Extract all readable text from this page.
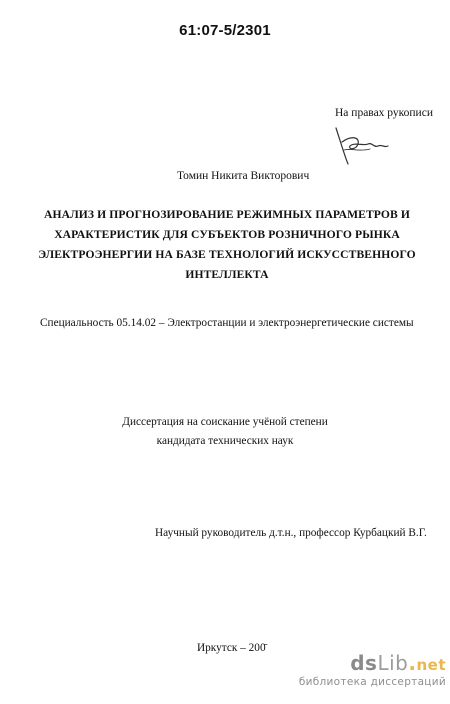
61:07-5/2301
На правах рукописи
Томин Никита Викторович
АНАЛИЗ И ПРОГНОЗИРОВАНИЕ РЕЖИМНЫХ ПАРАМЕТРОВ И
ХАРАКТЕРИСТИК ДЛЯ СУБЪЕКТОВ РОЗНИЧНОГО РЫНКА
ЭЛЕКТРОЭНЕРГИИ НА БАЗЕ ТЕХНОЛОГИЙ ИСКУССТВЕННОГО
ИНТЕЛЛЕКТА
Специальность 05.14.02 – Электростанции и электроэнергетические системы
Диссертация на соискание учёной степени
кандидата технических наук
Научный руководитель д.т.н., профессор Курбацкий В.Г.
Иркутск – 200̄
dsLib.net
библиотека диссертаций
